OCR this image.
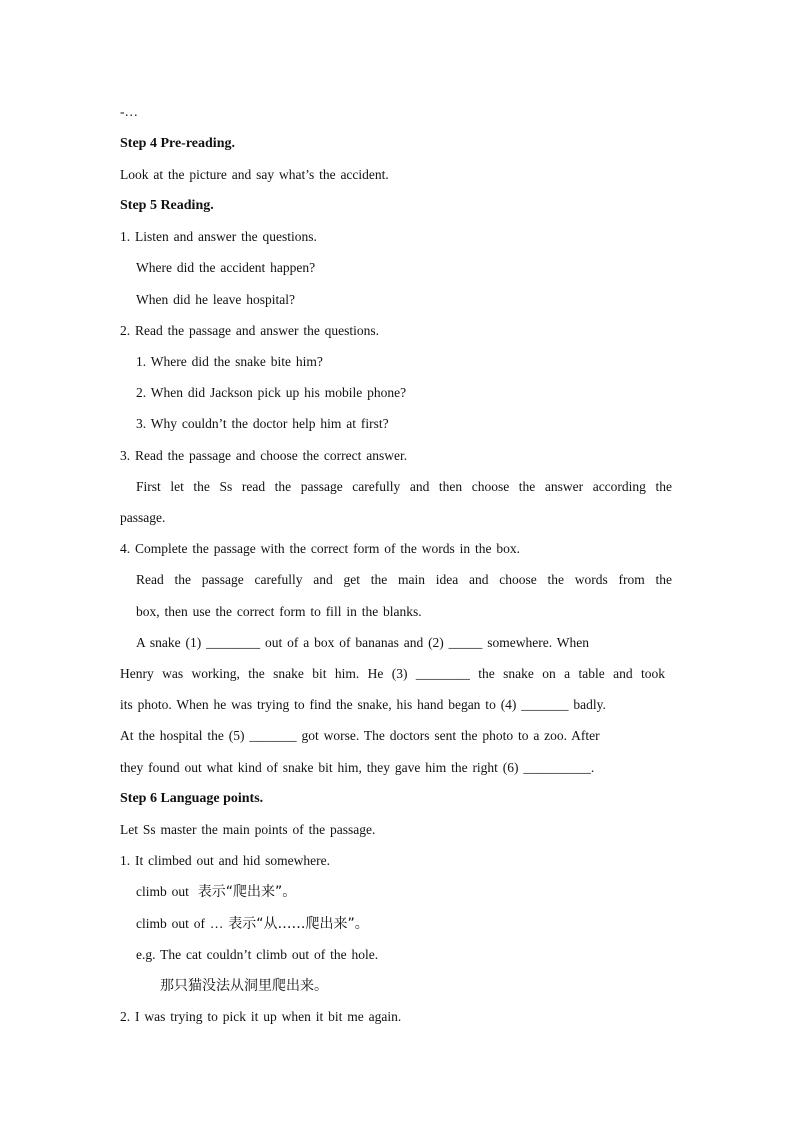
-…
Step 4 Pre-reading.
Look at the picture and say what’s the accident.
Step 5 Reading.
1. Listen and answer the questions.
Where did the accident happen?
When did he leave hospital?
2. Read the passage and answer the questions.
1. Where did the snake bite him?
2. When did Jackson pick up his mobile phone?
3. Why couldn’t the doctor help him at first?
3. Read the passage and choose the correct answer.
First let the Ss read the passage carefully and then choose the answer according the
passage.
4. Complete the passage with the correct form of the words in the box.
Read the passage carefully and get the main idea and choose the words from the
box, then use the correct form to fill in the blanks.
A snake (1) ________ out of a box of bananas and (2) _____ somewhere. When
Henry was working, the snake bit him. He (3) ________ the snake on a table and took
its photo. When he was trying to find the snake, his hand began to (4) _______ badly.
At the hospital the (5) _______ got worse. The doctors sent the photo to a zoo. After
they found out what kind of snake bit him, they gave him the right (6) __________.
Step 6 Language points.
Let Ss master the main points of the passage.
1. It climbed out and hid somewhere.
climb out 表示“爬出来”。
climb out of … 表示“从……爬出来”。
e.g. The cat couldn’t climb out of the hole.
那只猫没法从洞里爬出来。
2. I was trying to pick it up when it bit me again.
